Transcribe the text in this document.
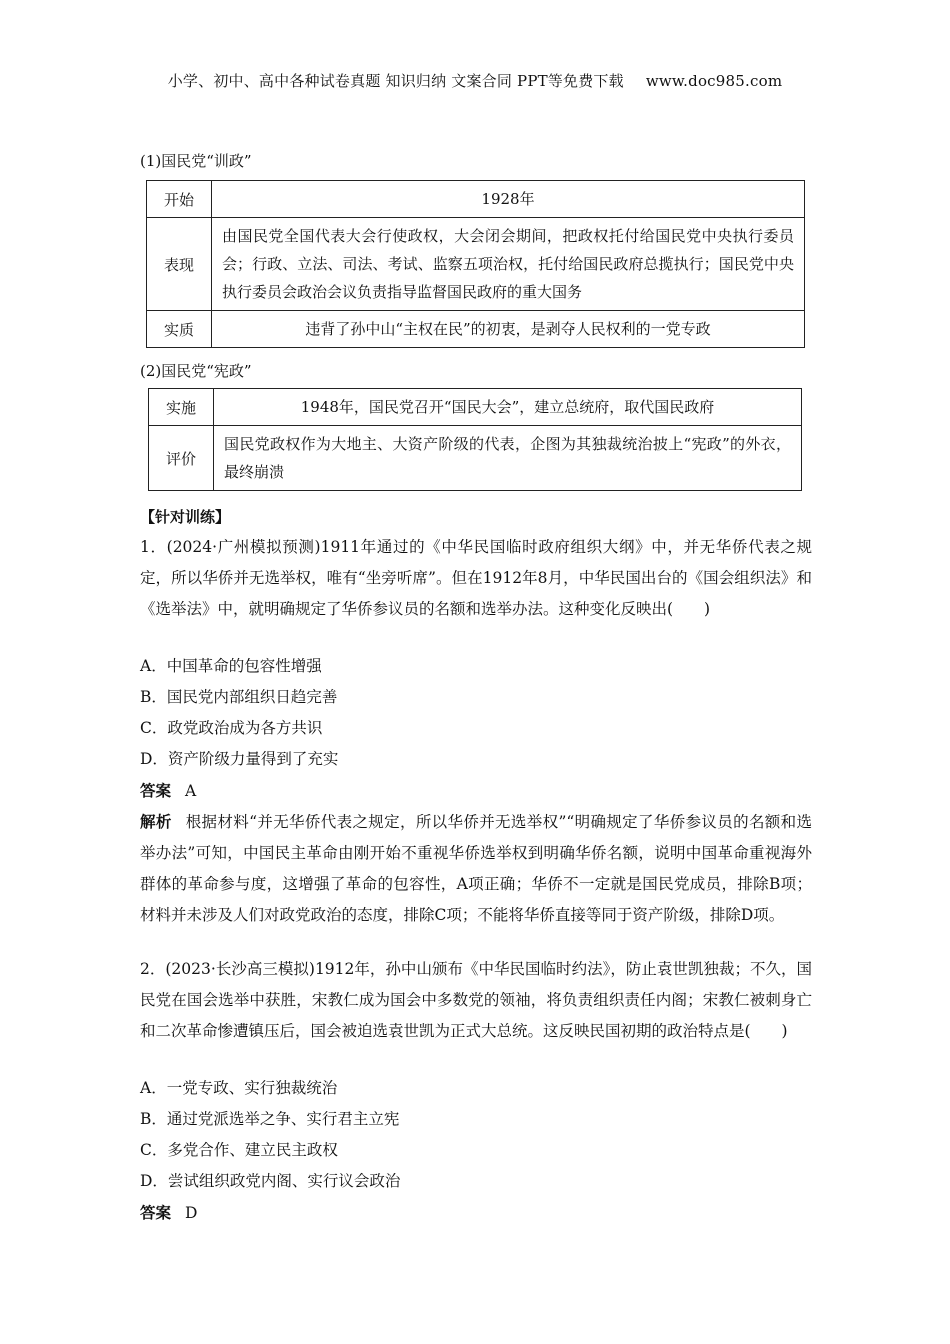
小学、初中、高中各种试卷真题 知识归纳 文案合同 PPT等免费下载 www.doc985.com
(1)国民党“训政”
开始	1928年
表现	由国民党全国代表大会行使政权，大会闭会期间，把政权托付给国民党中央执行委员会；行政、立法、司法、考试、监察五项治权，托付给国民政府总揽执行；国民党中央执行委员会政治会议负责指导监督国民政府的重大国务
实质	违背了孙中山“主权在民”的初衷，是剥夺人民权利的一党专政
(2)国民党“宪政”
实施	1948年，国民党召开“国民大会”，建立总统府，取代国民政府
评价	国民党政权作为大地主、大资产阶级的代表，企图为其独裁统治披上“宪政”的外衣，最终崩溃
【针对训练】
1．(2024·广州模拟预测)1911年通过的《中华民国临时政府组织大纲》中，并无华侨代表之规定，所以华侨并无选举权，唯有“坐旁听席”。但在1912年8月，中华民国出台的《国会组织法》和《选举法》中，就明确规定了华侨参议员的名额和选举办法。这种变化反映出(　　)
A．中国革命的包容性增强
B．国民党内部组织日趋完善
C．政党政治成为各方共识
D．资产阶级力量得到了充实
答案 A
解析 根据材料“并无华侨代表之规定，所以华侨并无选举权”“明确规定了华侨参议员的名额和选举办法”可知，中国民主革命由刚开始不重视华侨选举权到明确华侨名额，说明中国革命重视海外群体的革命参与度，这增强了革命的包容性，A项正确；华侨不一定就是国民党成员，排除B项；材料并未涉及人们对政党政治的态度，排除C项；不能将华侨直接等同于资产阶级，排除D项。
2．(2023·长沙高三模拟)1912年，孙中山颁布《中华民国临时约法》，防止袁世凯独裁；不久，国民党在国会选举中获胜，宋教仁成为国会中多数党的领袖，将负责组织责任内阁；宋教仁被刺身亡和二次革命惨遭镇压后，国会被迫选袁世凯为正式大总统。这反映民国初期的政治特点是(　　)
A．一党专政、实行独裁统治
B．通过党派选举之争、实行君主立宪
C．多党合作、建立民主政权
D．尝试组织政党内阁、实行议会政治
答案 D
